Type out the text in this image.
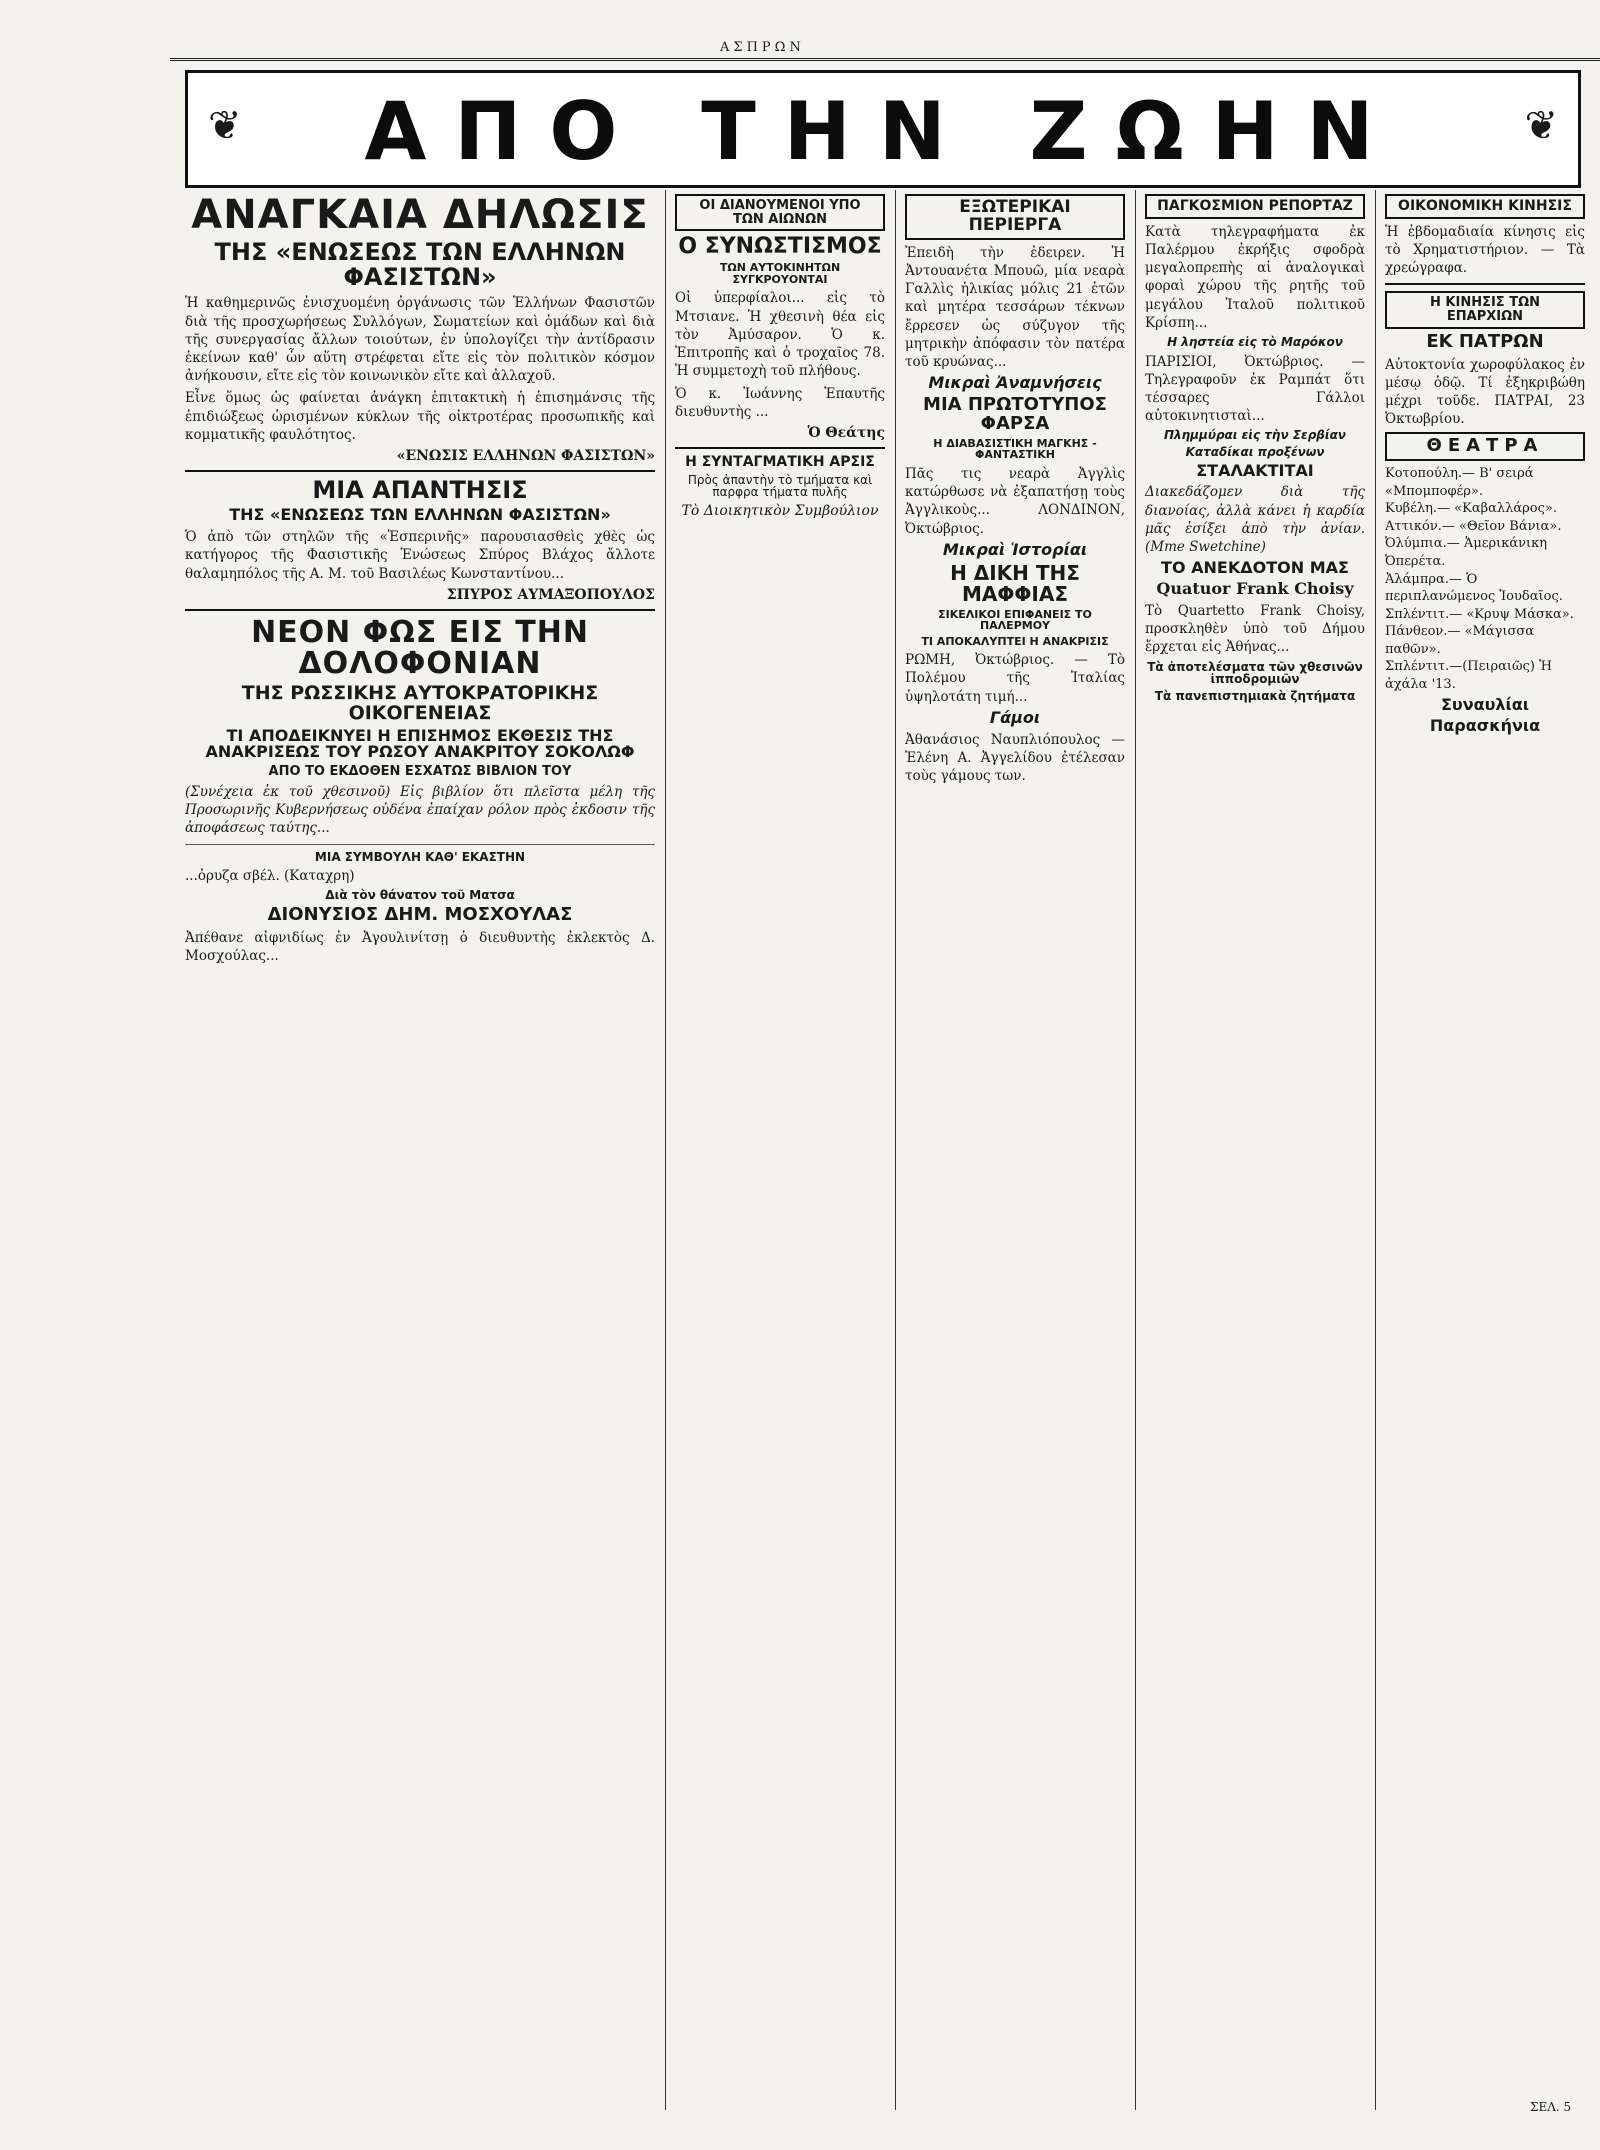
ΑΣΠΡΩΝ
❦	ΑΠΟ ΤΗΝ ΖΩΗΝ	❦
ΑΝΑΓΚΑΙΑ ΔΗΛΩΣΙΣ
ΤΗΣ «ΕΝΩΣΕΩΣ ΤΩΝ ΕΛΛΗΝΩΝ ΦΑΣΙΣΤΩΝ»

Ἡ καθημερινῶς ἐνισχυομένη ὀργάνωσις τῶν Ἑλλήνων Φασιστῶν διὰ τῆς προσχωρήσεως Συλλόγων, Σωματείων καὶ ὁμάδων καὶ διὰ τῆς συνεργασίας ἄλλων τοιούτων, ἐν ὑπολογίζει τὴν ἀντίδρασιν ἐκείνων καθ' ὧν αὕτη στρέφεται εἴτε εἰς τὸν πολιτικὸν κόσμον ἀνήκουσιν, εἴτε εἰς τὸν κοινωνικὸν εἴτε καὶ ἀλλαχοῦ.

Εἶνε ὅμως ὡς φαίνεται ἀνάγκη ἐπιτακτικὴ ἡ ἐπισημάνσις τῆς ἐπιδιώξεως ὡρισμένων κύκλων τῆς οἰκτροτέρας προσωπικῆς καὶ κομματικῆς φαυλότητος.

«ΕΝΩΣΙΣ ΕΛΛΗΝΩΝ ΦΑΣΙΣΤΩΝ»
ΜΙΑ ΑΠΑΝΤΗΣΙΣ
ΤΗΣ «ΕΝΩΣΕΩΣ ΤΩΝ ΕΛΛΗΝΩΝ ΦΑΣΙΣΤΩΝ»

Ὁ ἀπὸ τῶν στηλῶν τῆς «Ἑσπερινῆς» παρουσιασθεὶς χθὲς ὡς κατήγορος τῆς Φασιστικῆς Ἑνώσεως Σπύρος Βλάχος ἄλλοτε θαλαμηπόλος τῆς Α. Μ. τοῦ Βασιλέως Κωνσταντίνου...

ΣΠΥΡΟΣ ΑΥΜΑΞΟΠΟΥΛΟΣ
ΝΕΟΝ ΦΩΣ ΕΙΣ ΤΗΝ ΔΟΛΟΦΟΝΙΑΝ
ΤΗΣ ΡΩΣΣΙΚΗΣ ΑΥΤΟΚΡΑΤΟΡΙΚΗΣ ΟΙΚΟΓΕΝΕΙΑΣ
ΤΙ ΑΠΟΔΕΙΚΝΥΕΙ Η ΕΠΙΣΗΜΟΣ ΕΚΘΕΣΙΣ ΤΗΣ ΑΝΑΚΡΙΣΕΩΣ ΤΟΥ ΡΩΣΟΥ ΑΝΑΚΡΙΤΟΥ ΣΟΚΟΛΩΦ
ΑΠΟ ΤΟ ΕΚΔΟΘΕΝ ΕΣΧΑΤΩΣ ΒΙΒΛΙΟΝ ΤΟΥ

(Συνέχεια ἐκ τοῦ χθεσινοῦ) Εἰς βιβλίον ὅτι πλεῖστα μέλη τῆς Προσωρινῆς Κυβερνήσεως οὐδένα ἐπαίχαν ρόλον πρὸς ἐκδοσιν τῆς ἀποφάσεως ταύτης...

ΜΙΑ ΣΥΜΒΟΥΛΗ ΚΑΘ' ΕΚΑΣΤΗΝ

...ὀρυζα σβέλ. (Καταχρη)

Διὰ τὸν θάνατον τοῦ Ματσα
ΔΙΟΝΥΣΙΟΣ ΔΗΜ. ΜΟΣΧΟΥΛΑΣ

Ἀπέθανε αἰφνιδίως ἐν Ἀγουλινίτσῃ ὁ διευθυντὴς ἐκλεκτὸς Δ. Μοσχούλας...

ΟΙ ΔΙΑΝΟΥΜΕΝΟΙ ΥΠΟ ΤΩΝ ΑΙΩΝΩΝ
Ο ΣΥΝΩΣΤΙΣΜΟΣ
ΤΩΝ ΑΥΤΟΚΙΝΗΤΩΝ ΣΥΓΚΡΟΥΟΝΤΑΙ

Οἱ ὑπερφίαλοι... εἰς τὸ Μτσιανε. Ἡ χθεσινὴ θέα εἰς τὸν Ἀμύσαρον. Ὁ κ. Ἐπιτροπῆς καὶ ὁ τροχαῖος 78. Ἡ συμμετοχὴ τοῦ πλήθους.

Ὁ κ. Ἰωάννης Ἐπαυτῆς διευθυντὴς ...

Ὁ Θεάτης
Η ΣΥΝΤΑΓΜΑΤΙΚΗ ΑΡΣΙΣ
Πρὸς ἀπαντὴν τὸ τμήματα καὶ παρφρα τήματα πυλῆς
Τὸ Διοικητικὸν Συμβούλιον
ΕΞΩΤΕΡΙΚΑΙ ΠΕΡΙΕΡΓΑ

Ἐπειδὴ τὴν ἐδειρεν. Ἡ Ἀντουανέτα Μπουῶ, μία νεαρὰ Γαλλὶς ἡλικίας μόλις 21 ἐτῶν καὶ μητέρα τεσσάρων τέκνων ἔρρεσεν ὡς σύζυγον τῆς μητρικὴν ἀπόφασιν τὸν πατέρα τοῦ κρυώνας...

Μικραὶ Ἀναμνήσεις
ΜΙΑ ΠΡΩΤΟΤΥΠΟΣ ΦΑΡΣΑ
Η ΔΙΑΒΑΣΙΣΤΙΚΗ ΜΑΓΚΗΣ - ΦΑΝΤΑΣΤΙΚΗ

Πᾶς τις νεαρὰ Ἀγγλὶς κατώρθωσε νὰ ἐξαπατήσῃ τοὺς Ἀγγλικοὺς... ΛΟΝΔΙΝΟΝ, Ὀκτώβριος.

Μικραὶ Ἱστορίαι
Η ΔΙΚΗ ΤΗΣ ΜΑΦΦΙΑΣ
ΣΙΚΕΛΙΚΟΙ ΕΠΙΦΑΝΕΙΣ ΤΟ ΠΑΛΕΡΜΟΥ
ΤΙ ΑΠΟΚΑΛΥΠΤΕΙ Η ΑΝΑΚΡΙΣΙΣ

ΡΩΜΗ, Ὀκτώβριος. — Τὸ Πολέμου τῆς Ἰταλίας ὑψηλοτάτη τιμή...

Γάμοι

Ἀθανάσιος Ναυπλιόπουλος — Ἑλένη Α. Ἀγγελίδου ἐτέλεσαν τοὺς γάμους των.

ΠΑΓΚΟΣΜΙΟΝ ΡΕΠΟΡΤΑΖ

Κατὰ τηλεγραφήματα ἐκ Παλέρμου ἐκρήξις σφοδρὰ μεγαλοπρεπὴς αἱ ἀναλογικαὶ φοραὶ χώρου τῆς ρητῆς τοῦ μεγάλου Ἰταλοῦ πολιτικοῦ Κρίσπη...

Η ληστεία εἰς τὸ Μαρόκον

ΠΑΡΙΣΙΟΙ, Ὀκτώβριος. — Τηλεγραφοῦν ἐκ Ραμπάτ ὅτι τέσσαρες Γάλλοι αὐτοκινητισταὶ...

Πλημμύραι εἰς τὴν Σερβίαν
Καταδίκαι προξένων
ΣΤΑΛΑΚΤΙΤΑΙ

Διακεδάζομεν διὰ τῆς διανοίας, ἀλλὰ κάνει ἡ καρδία μᾶς ἐσίξει ἀπὸ τὴν ἀνίαν. (Mme Swetchine)

ΤΟ ΑΝΕΚΔΟΤΟΝ ΜΑΣ
Quatuor Frank Choisy

Τὸ Quartetto Frank Choisy, προσκληθὲν ὑπὸ τοῦ Δήμου ἔρχεται εἰς Ἀθήνας...

Τὰ ἀποτελέσματα τῶν χθεσινῶν ἱπποδρομιῶν
Τὰ πανεπιστημιακὰ ζητήματα
ΟΙΚΟΝΟΜΙΚΗ ΚΙΝΗΣΙΣ

Ἡ ἑβδομαδιαία κίνησις εἰς τὸ Χρηματιστήριον. — Τὰ χρεώγραφα.

Η ΚΙΝΗΣΙΣ ΤΩΝ ΕΠΑΡΧΙΩΝ
ΕΚ ΠΑΤΡΩΝ

Αὐτοκτονία χωροφύλακος ἐν μέσῳ ὁδῷ. Τί ἐξηκριβώθη μέχρι τοῦδε. ΠΑΤΡΑΙ, 23 Ὀκτωβρίου.

ΘΕΑΤΡΑ
Κοτοπούλη.— Β' σειρά «Μπομποφέρ».
Κυβέλη.— «Καβαλλάρος».
Αττικόν.— «Θεῖον Βάνια».
Ὀλύμπια.— Ἀμερικάνικη Ὀπερέτα.
Ἀλάμπρα.— Ὁ περιπλανώμενος Ἰουδαῖος.
Σπλέντιτ.— «Κρυψ Μάσκα».
Πάνθεον.— «Μάγισσα παθῶν».
Σπλέντιτ.—(Πειραιῶς) Ἡ ἀχάλα '13.
Συναυλίαι
Παρασκήνια
ΣΕΛ. 5
